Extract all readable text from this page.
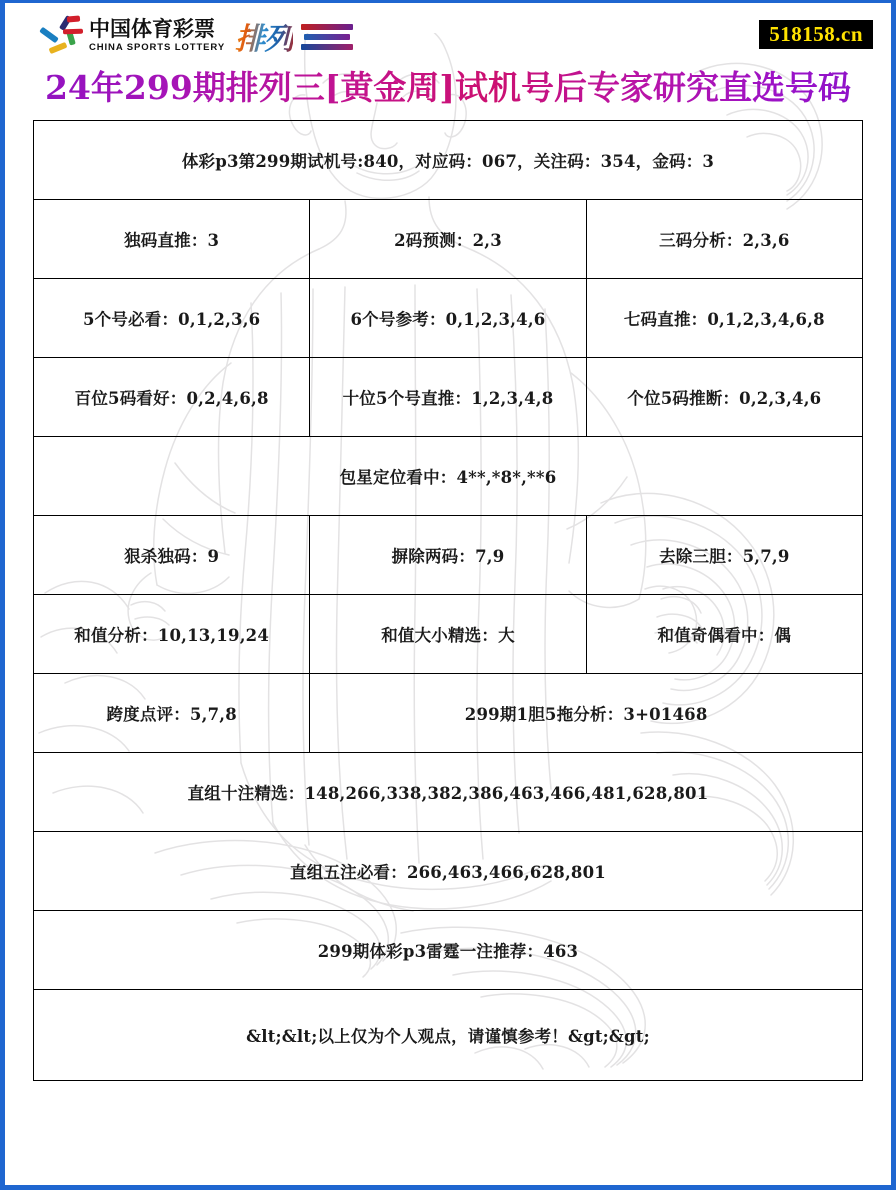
中国体育彩票
CHINA SPORTS LOTTERY 排列	518158.cn
24年299期排列三[黄金周]试机号后专家研究直选号码
体彩p3第299期试机号:840，对应码：067，关注码：354，金码：3		
独码直推：3	2码预测：2,3	三码分析：2,3,6
5个号必看：0,1,2,3,6	6个号参考：0,1,2,3,4,6	七码直推：0,1,2,3,4,6,8
百位5码看好：0,2,4,6,8	十位5个号直推：1,2,3,4,8	个位5码推断：0,2,3,4,6
包星定位看中：4**,*8*,**6		
狠杀独码：9	摒除两码：7,9	去除三胆：5,7,9
和值分析：10,13,19,24	和值大小精选：大	和值奇偶看中：偶
跨度点评：5,7,8	299期1胆5拖分析：3+01468	
直组十注精选：148,266,338,382,386,463,466,481,628,801		
直组五注必看：266,463,466,628,801		
299期体彩p3雷霆一注推荐：463		
&lt;&lt;以上仅为个人观点，请谨慎参考！&gt;&gt;		
